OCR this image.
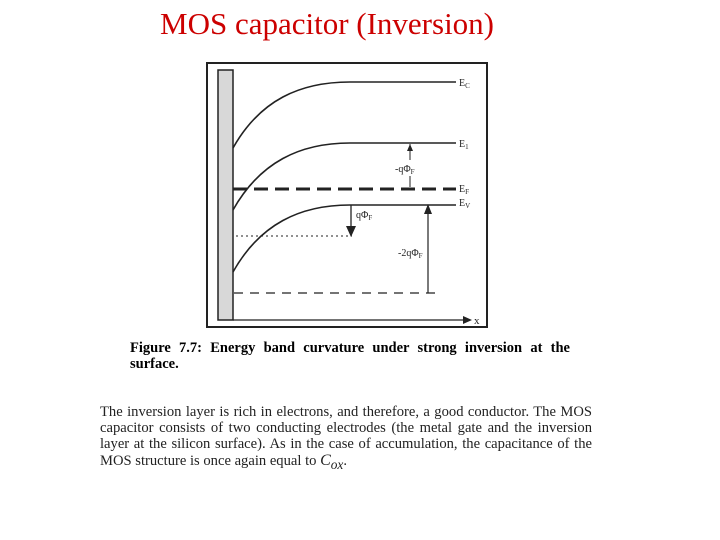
MOS capacitor (Inversion)
x
$q\Phi_F$
$-q\Phi_F$
$-2q\Phi_F$
$E_C$
$E_1$
$E_F$
$E_V$
Figure 7.7: Energy band curvature under strong inversion at the surface.
The inversion layer is rich in electrons, and therefore, a good conductor. The MOS capacitor consists of two conducting electrodes (the metal gate and the inversion layer at the silicon surface). As in the case of accumulation, the capacitance of the MOS structure is once again equal to $C_{ox}$.
